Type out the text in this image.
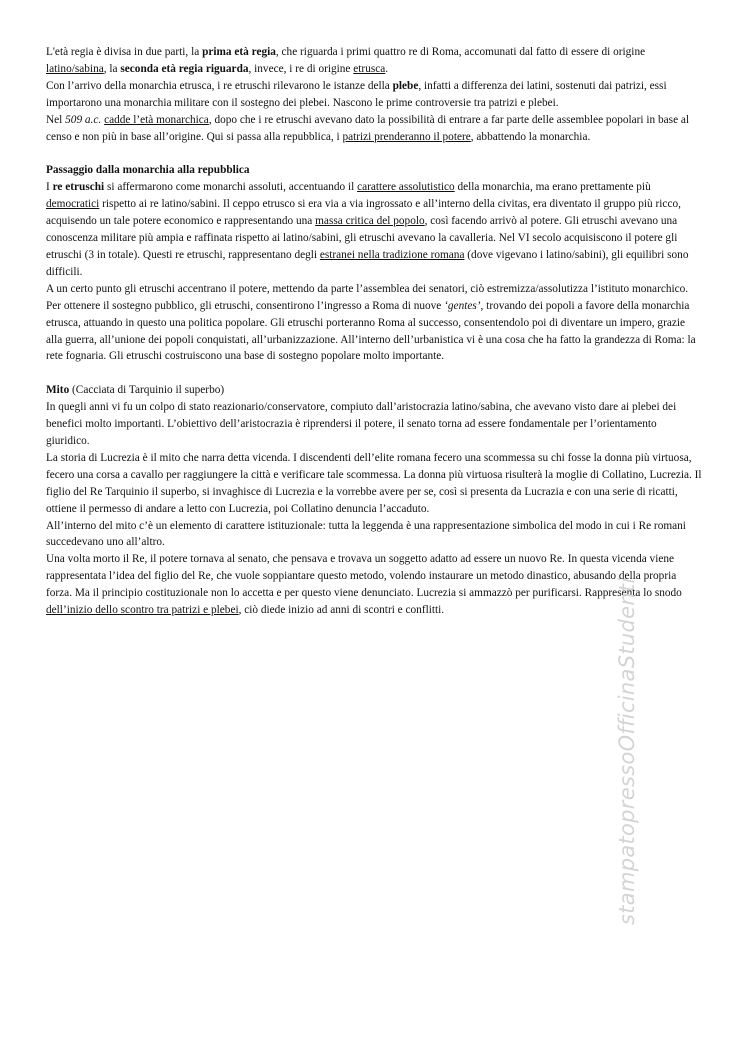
L'età regia è divisa in due parti, la prima età regia, che riguarda i primi quattro re di Roma, accomunati dal fatto di essere di origine latino/sabina, la seconda età regia riguarda, invece, i re di origine etrusca.

Con l’arrivo della monarchia etrusca, i re etruschi rilevarono le istanze della plebe, infatti a differenza dei latini, sostenuti dai patrizi, essi importarono una monarchia militare con il sostegno dei plebei. Nascono le prime controversie tra patrizi e plebei.

Nel 509 a.c. cadde l’età monarchica, dopo che i re etruschi avevano dato la possibilità di entrare a far parte delle assemblee popolari in base al censo e non più in base all’origine. Qui si passa alla repubblica, i patrizi prenderanno il potere, abbattendo la monarchia.

Passaggio dalla monarchia alla repubblica

I re etruschi si affermarono come monarchi assoluti, accentuando il carattere assolutistico della monarchia, ma erano prettamente più democratici rispetto ai re latino/sabini. Il ceppo etrusco si era via a via ingrossato e all’interno della civitas, era diventato il gruppo più ricco, acquisendo un tale potere economico e rappresentando una massa critica del popolo, così facendo arrivò al potere. Gli etruschi avevano una conoscenza militare più ampia e raffinata rispetto ai latino/sabini, gli etruschi avevano la cavalleria. Nel VI secolo acquisiscono il potere gli etruschi (3 in totale). Questi re etruschi, rappresentano degli estranei nella tradizione romana (dove vigevano i latino/sabini), gli equilibri sono difficili.

A un certo punto gli etruschi accentrano il potere, mettendo da parte l’assemblea dei senatori, ciò estremizza/assolutizza l’istituto monarchico. Per ottenere il sostegno pubblico, gli etruschi, consentirono l’ingresso a Roma di nuove ‘gentes’, trovando dei popoli a favore della monarchia etrusca, attuando in questo una politica popolare. Gli etruschi porteranno Roma al successo, consentendolo poi di diventare un impero, grazie alla guerra, all’unione dei popoli conquistati, all’urbanizzazione. All’interno dell’urbanistica vi è una cosa che ha fatto la grandezza di Roma: la rete fognaria. Gli etruschi costruiscono una base di sostegno popolare molto importante.

Mito (Cacciata di Tarquinio il superbo)

In quegli anni vi fu un colpo di stato reazionario/conservatore, compiuto dall’aristocrazia latino/sabina, che avevano visto dare ai plebei dei benefici molto importanti. L’obiettivo dell’aristocrazia è riprendersi il potere, il senato torna ad essere fondamentale per l’orientamento giuridico.

La storia di Lucrezia è il mito che narra detta vicenda. I discendenti dell’elite romana fecero una scommessa su chi fosse la donna più virtuosa, fecero una corsa a cavallo per raggiungere la città e verificare tale scommessa. La donna più virtuosa risulterà la moglie di Collatino, Lucrezia. Il figlio del Re Tarquinio il superbo, si invaghisce di Lucrezia e la vorrebbe avere per se, così si presenta da Lucrazia e con una serie di ricatti, ottiene il permesso di andare a letto con Lucrezia, poi Collatino denuncia l’accaduto.

All’interno del mito c’è un elemento di carattere istituzionale: tutta la leggenda è una rappresentazione simbolica del modo in cui i Re romani succedevano uno all’altro.

Una volta morto il Re, il potere tornava al senato, che pensava e trovava un soggetto adatto ad essere un nuovo Re. In questa vicenda viene rappresentata l’idea del figlio del Re, che vuole soppiantare questo metodo, volendo instaurare un metodo dinastico, abusando della propria forza. Ma il principio costituzionale non lo accetta e per questo viene denunciato. Lucrezia si ammazzò per purificarsi. Rappresenta lo snodo dell’inizio dello scontro tra patrizi e plebei, ciò diede inizio ad anni di scontri e conflitti.	stampatopressoOfficinaStudenti
